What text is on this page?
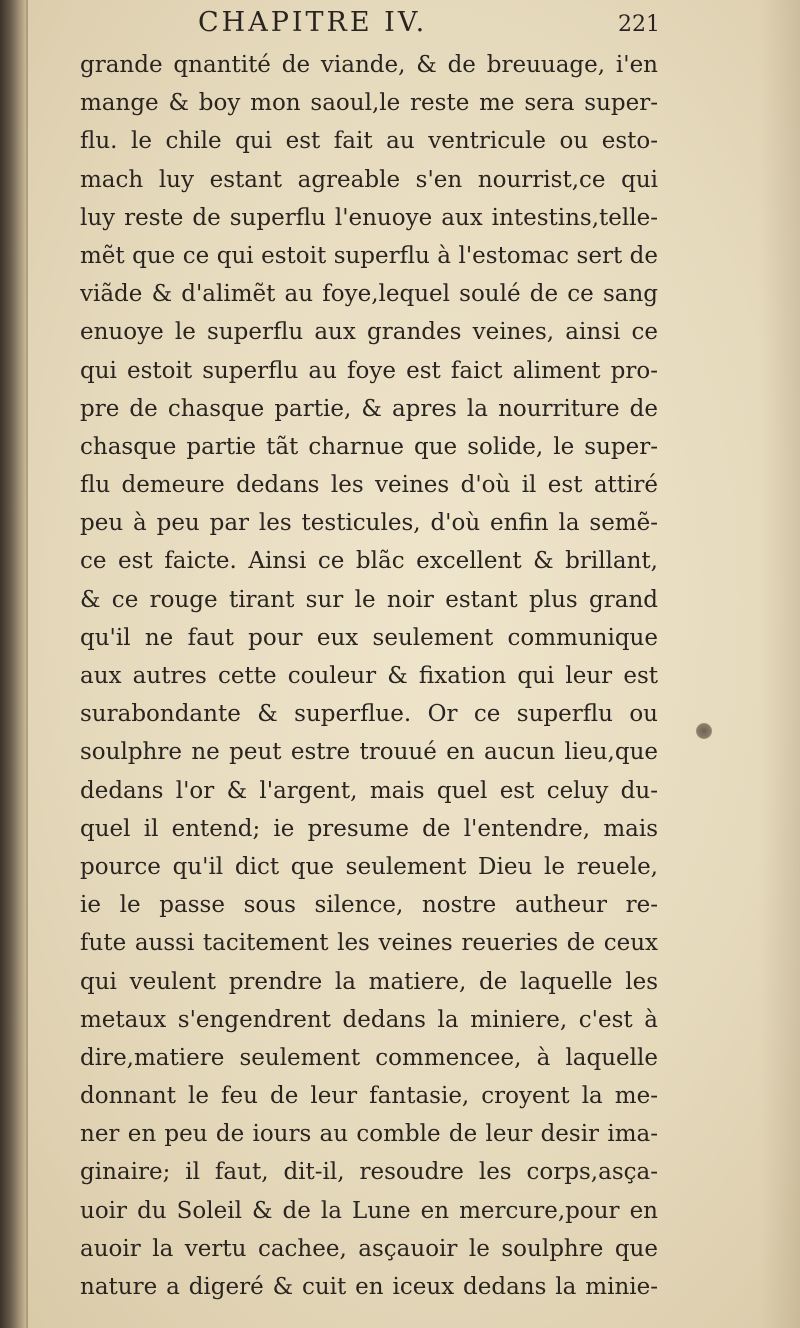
CHAPITRE IV.	221
grande qnantité de viande, & de breuuage, i'en
mange & boy mon saoul,le reste me sera super-
flu. le chile qui est fait au ventricule ou esto-
mach luy estant agreable s'en nourrist,ce qui
luy reste de superflu l'enuoye aux intestins,telle-
mẽt que ce qui estoit superflu à l'estomac sert de
viãde & d'alimẽt au foye,lequel soulé de ce sang
enuoye le superflu aux grandes veines, ainsi ce
qui estoit superflu au foye est faict aliment pro-
pre de chasque partie, & apres la nourriture de
chasque partie tãt charnue que solide, le super-
flu demeure dedans les veines d'où il est attiré
peu à peu par les testicules, d'où enfin la semẽ-
ce est faicte. Ainsi ce blãc excellent & brillant,
& ce rouge tirant sur le noir estant plus grand
qu'il ne faut pour eux seulement communique
aux autres cette couleur & fixation qui leur est
surabondante & superflue. Or ce superflu ou
soulphre ne peut estre trouué en aucun lieu,que
dedans l'or & l'argent, mais quel est celuy du-
quel il entend; ie presume de l'entendre, mais
pource qu'il dict que seulement Dieu le reuele,
ie le passe sous silence, nostre autheur re-
fute aussi tacitement les veines reueries de ceux
qui veulent prendre la matiere, de laquelle les
metaux s'engendrent dedans la miniere, c'est à
dire,matiere seulement commencee, à laquelle
donnant le feu de leur fantasie, croyent la me-
ner en peu de iours au comble de leur desir ima-
ginaire; il faut, dit-il, resoudre les corps,asça-
uoir du Soleil & de la Lune en mercure,pour en
auoir la vertu cachee, asçauoir le soulphre que
nature a digeré & cuit en iceux dedans la minie-
